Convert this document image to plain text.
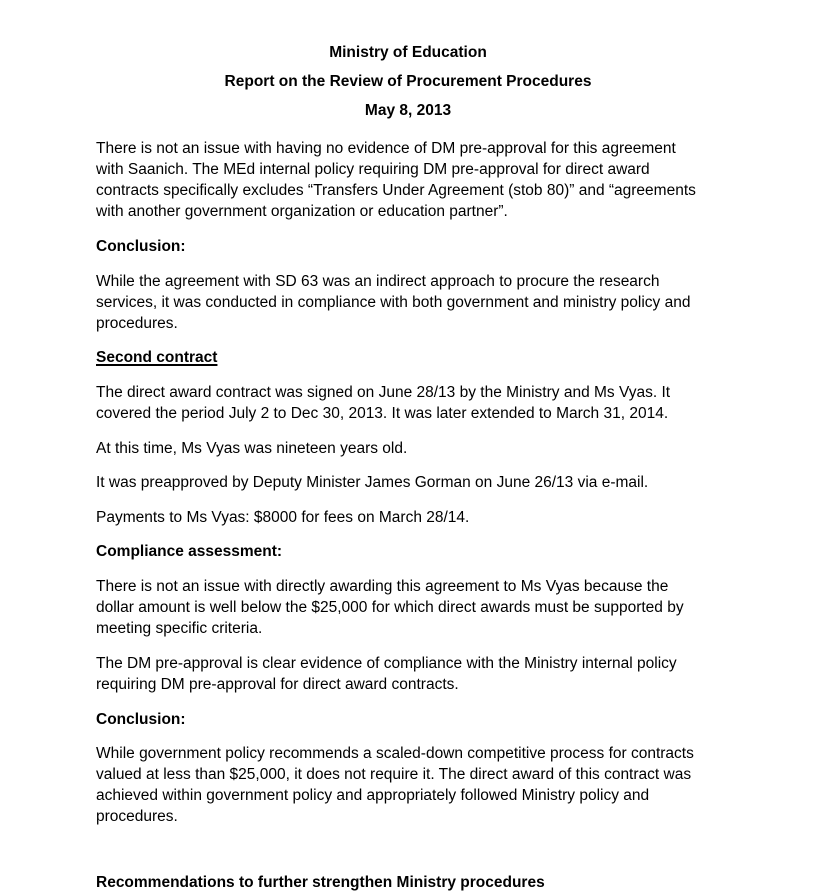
Ministry of Education
Report on the Review of Procurement Procedures
May 8, 2013
There is not an issue with having no evidence of DM pre-approval for this agreement
with Saanich. The MEd internal policy requiring DM pre-approval for direct award
contracts specifically excludes “Transfers Under Agreement (stob 80)” and “agreements
with another government organization or education partner”.
Conclusion:
While the agreement with SD 63 was an indirect approach to procure the research
services, it was conducted in compliance with both government and ministry policy and
procedures.
Second contract
The direct award contract was signed on June 28/13 by the Ministry and Ms Vyas. It
covered the period July 2 to Dec 30, 2013. It was later extended to March 31, 2014.
At this time, Ms Vyas was nineteen years old.
It was preapproved by Deputy Minister James Gorman on June 26/13 via e-mail.
Payments to Ms Vyas: $8000 for fees on March 28/14.
Compliance assessment:
There is not an issue with directly awarding this agreement to Ms Vyas because the
dollar amount is well below the $25,000 for which direct awards must be supported by
meeting specific criteria.
The DM pre-approval is clear evidence of compliance with the Ministry internal policy
requiring DM pre-approval for direct award contracts.
Conclusion:
While government policy recommends a scaled-down competitive process for contracts
valued at less than $25,000, it does not require it. The direct award of this contract was
achieved within government policy and appropriately followed Ministry policy and
procedures.
Recommendations to further strengthen Ministry procedures
